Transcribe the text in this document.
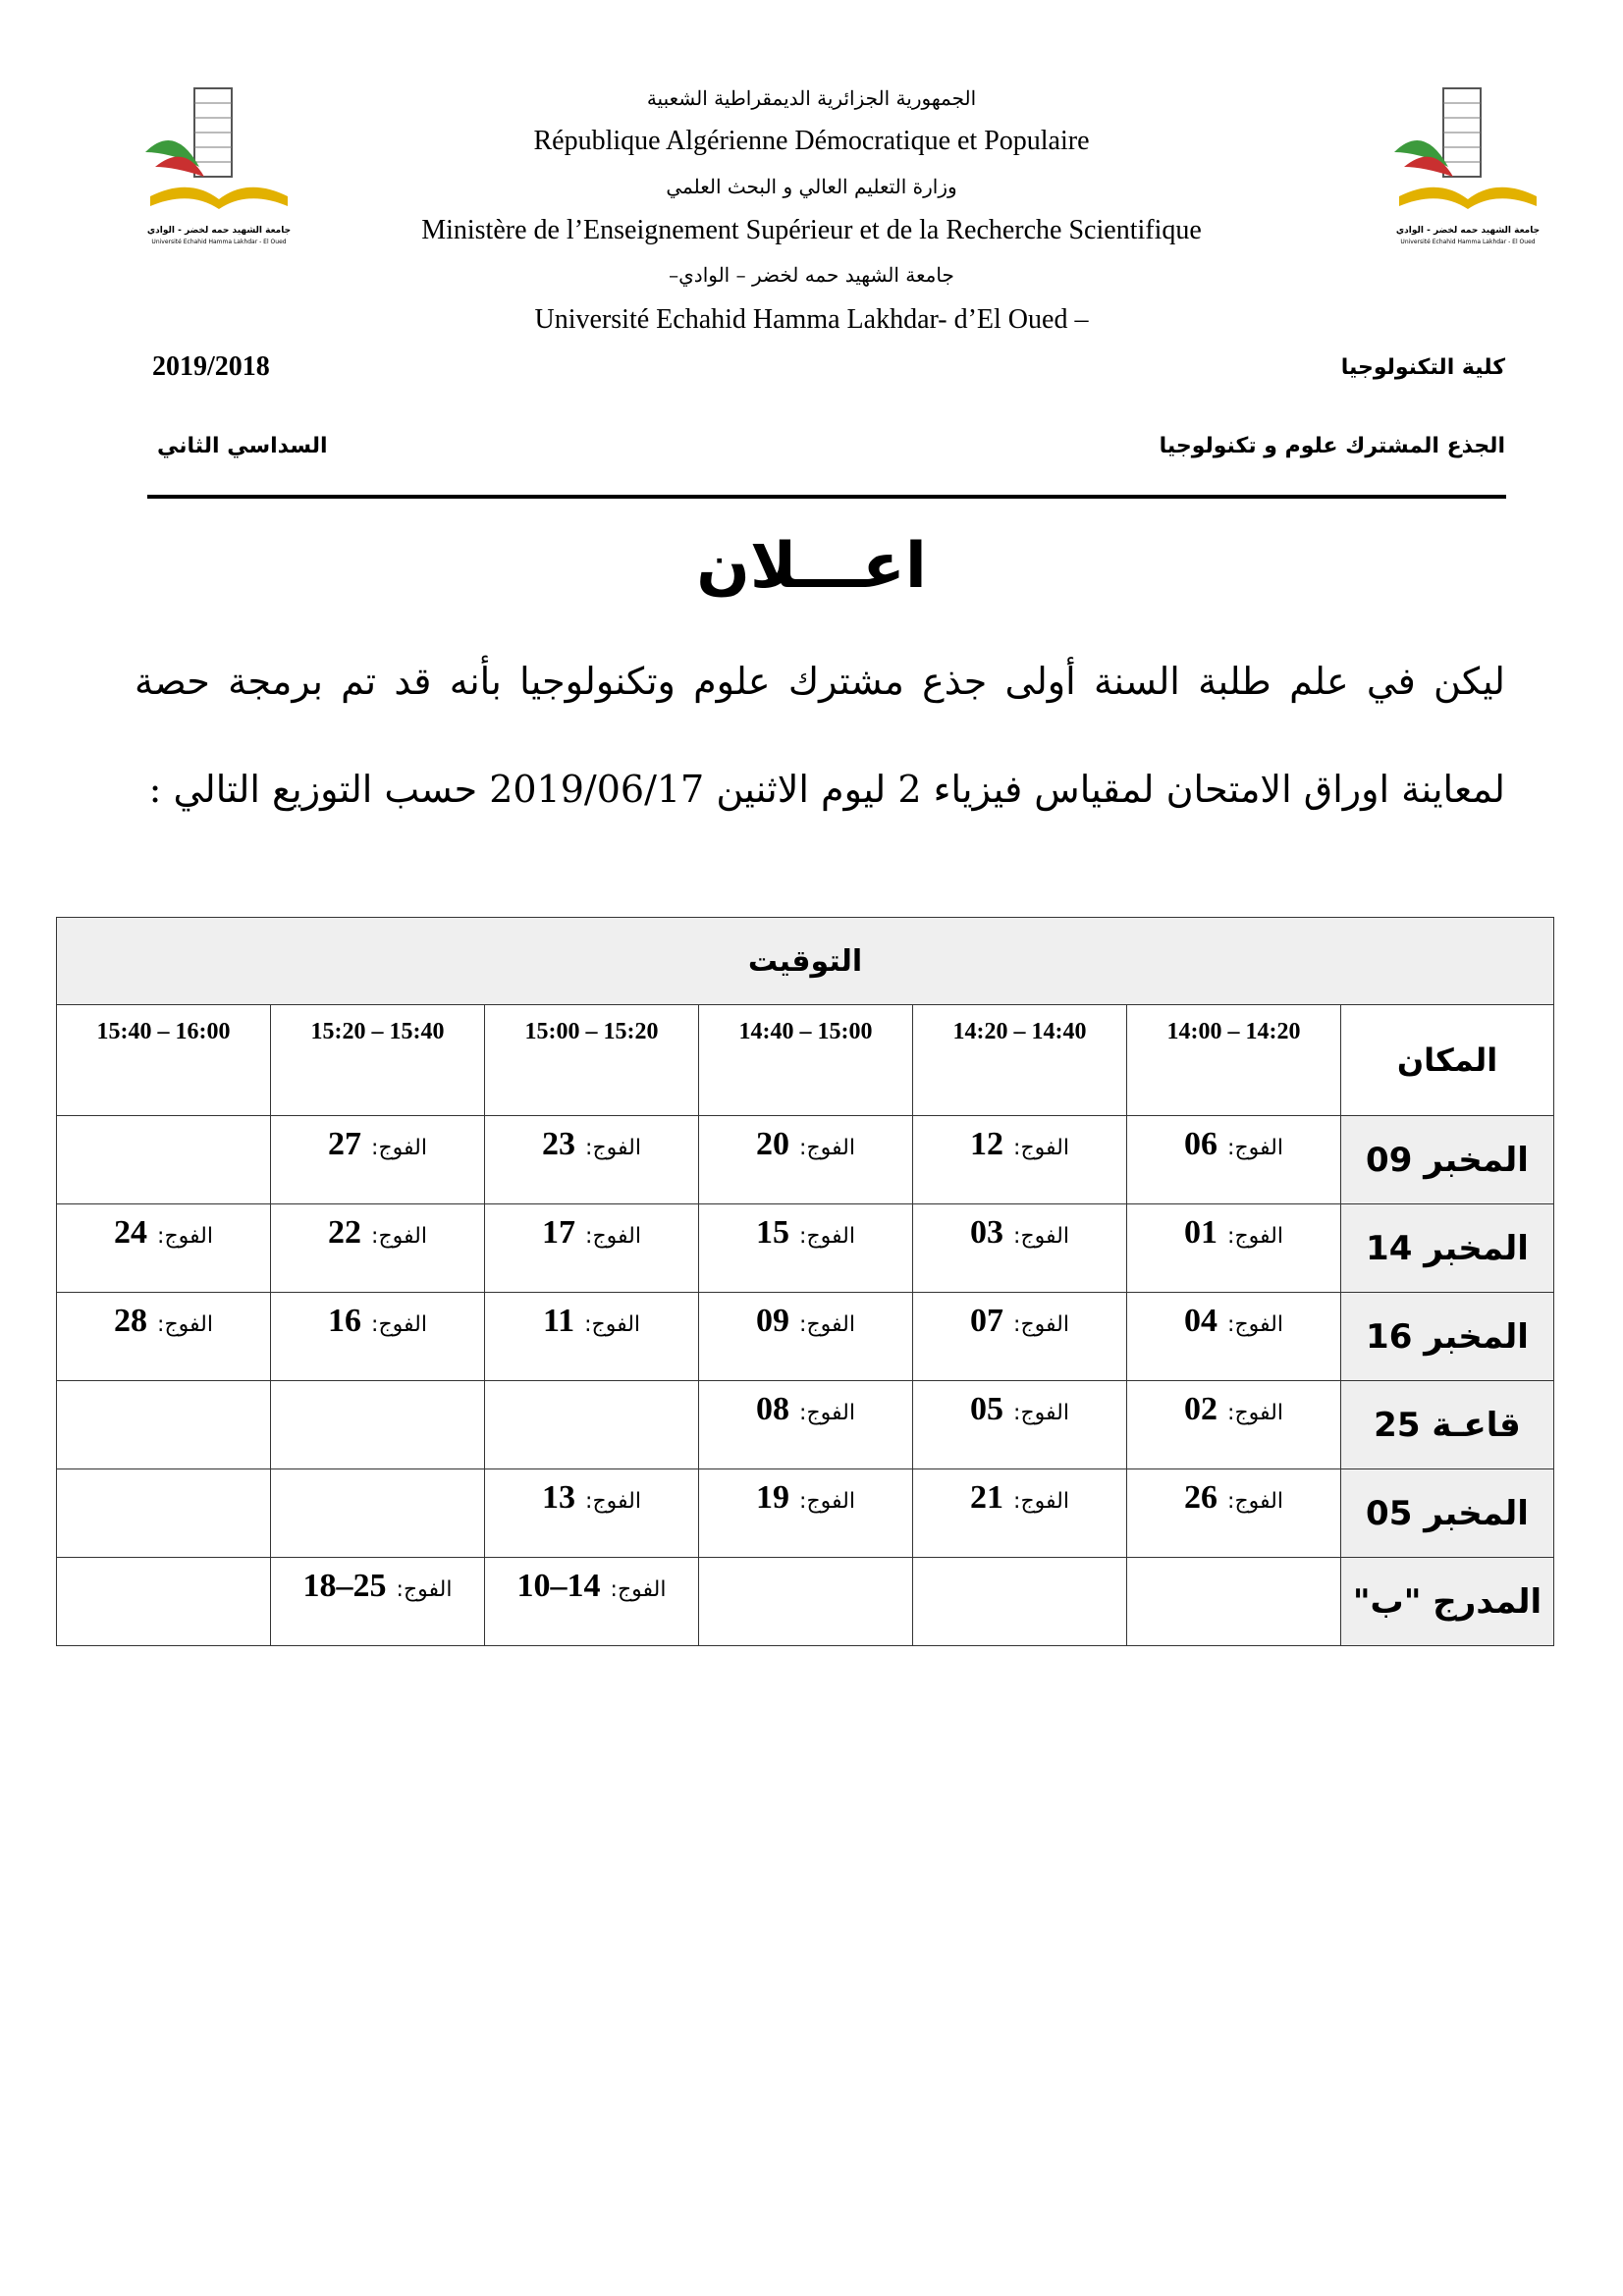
جامعة الشهيد حمه لخضر - الوادي
Université Echahid Hamma Lakhdar - El Oued
جامعة الشهيد حمه لخضر - الوادي
Université Echahid Hamma Lakhdar - El Oued
الجمهورية الجزائرية الديمقراطية الشعبية
République Algérienne Démocratique et Populaire
وزارة التعليم العالي و البحث العلمي
Ministère de l’Enseignement Supérieur et de la Recherche Scientifique
جامعة الشهيد حمه لخضر – الوادي–
Université Echahid Hamma Lakhdar- d’El Oued –
كلية التكنولوجيا
2019/2018
الجذع المشترك علوم و تكنولوجيا
السداسي الثاني
اعـــلان
ليكن في علم طلبة السنة أولى جذع مشترك علوم وتكنولوجيا بأنه قد تم برمجة حصة
لمعاينة اوراق الامتحان لمقياس فيزياء 2 ليوم الاثنين 2019/06/17 حسب التوزيع التالي :
التوقيت						
15:40 – 16:00	15:20 – 15:40	15:00 – 15:20	14:40 – 15:00	14:20 – 14:40	14:00 – 14:20	المكان

	27 الفوج:	23 الفوج:	20 الفوج:	12 الفوج:	06 الفوج:	المخبر 09

24 الفوج:	22 الفوج:	17 الفوج:	15 الفوج:	03 الفوج:	01 الفوج:	المخبر 14

28 الفوج:	16 الفوج:	11 الفوج:	09 الفوج:	07 الفوج:	04 الفوج:	المخبر 16

			08 الفوج:	05 الفوج:	02 الفوج:	قاعـة 25

		13 الفوج:	19 الفوج:	21 الفوج:	26 الفوج:	المخبر 05

	18–25 الفوج:	10–14 الفوج:				المدرج "ب"
